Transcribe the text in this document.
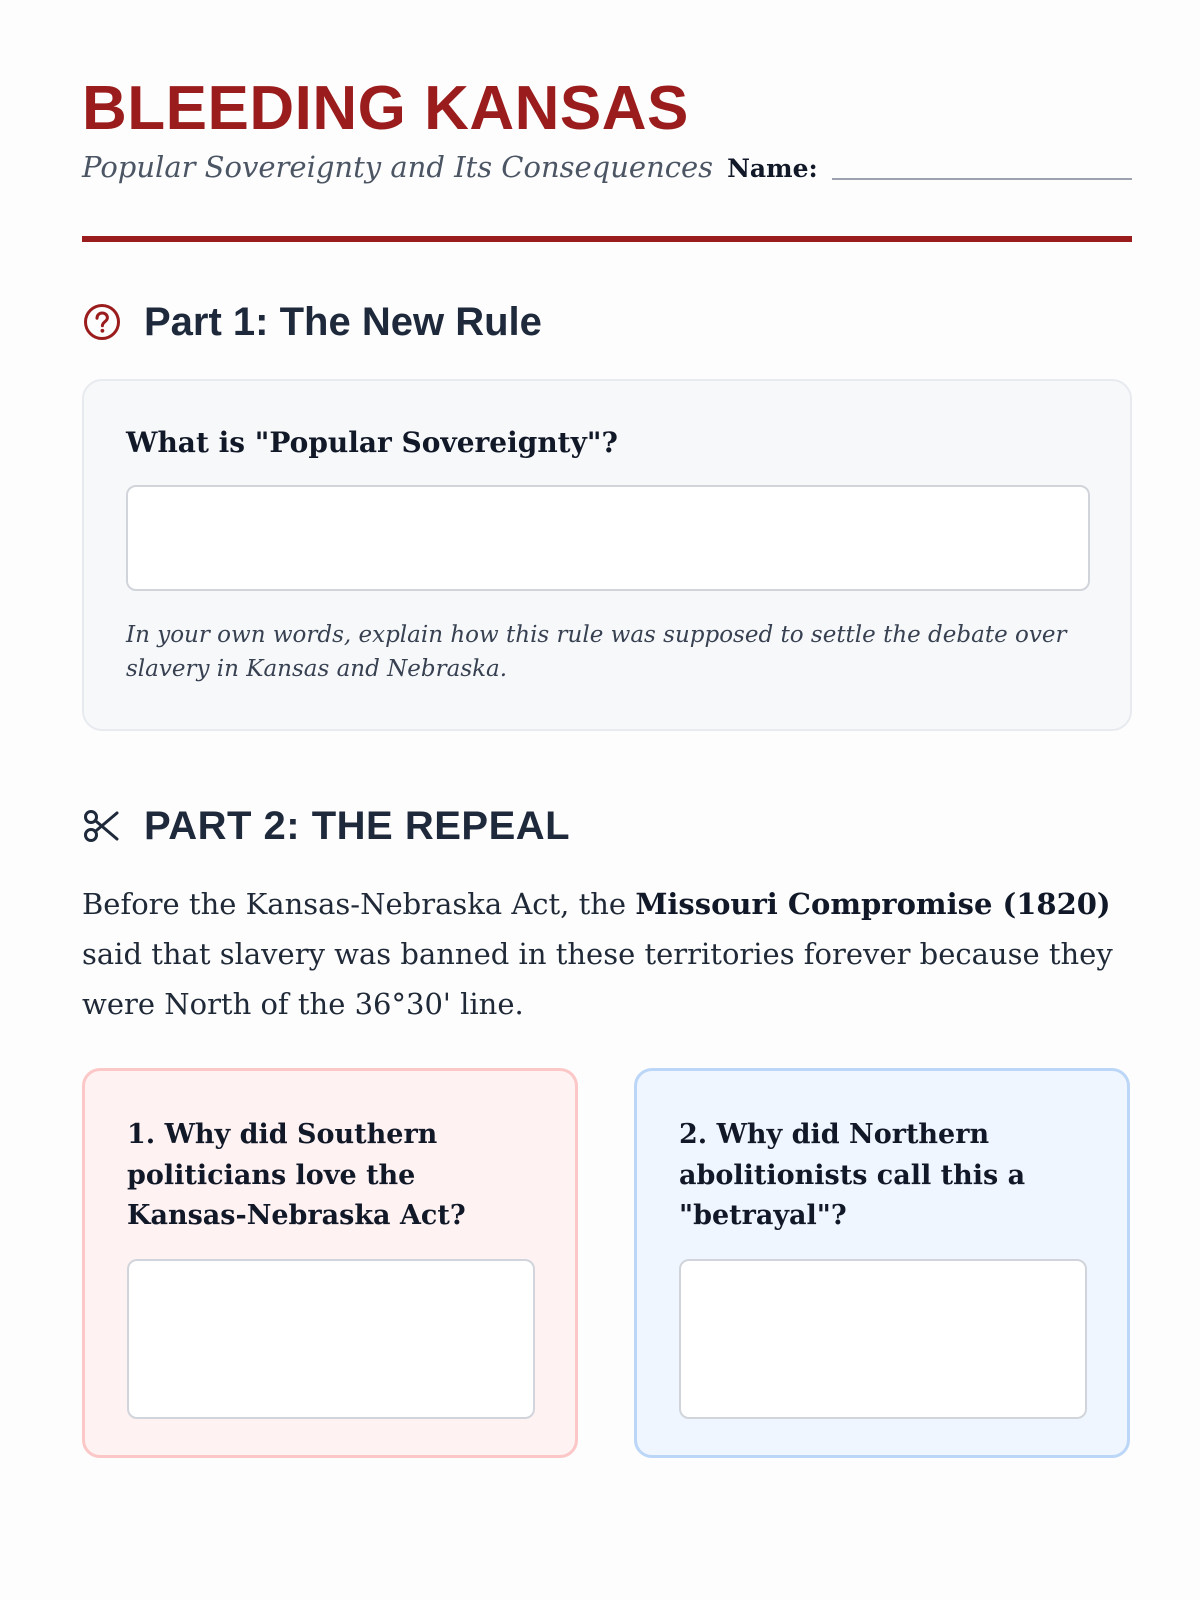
BLEEDING KANSAS
Popular Sovereignty and Its Consequences Name:
Part 1: The New Rule

What is "Popular Sovereignty"?

In your own words, explain how this rule was supposed to settle the debate over slavery in Kansas and Nebraska.
PART 2: THE REPEAL

Before the Kansas-Nebraska Act, the Missouri Compromise (1820) said that slavery was banned in these territories forever because they were North of the 36°30' line.

1. Why did Southern politicians love the Kansas-Nebraska Act?

2. Why did Northern abolitionists call this a "betrayal"?
